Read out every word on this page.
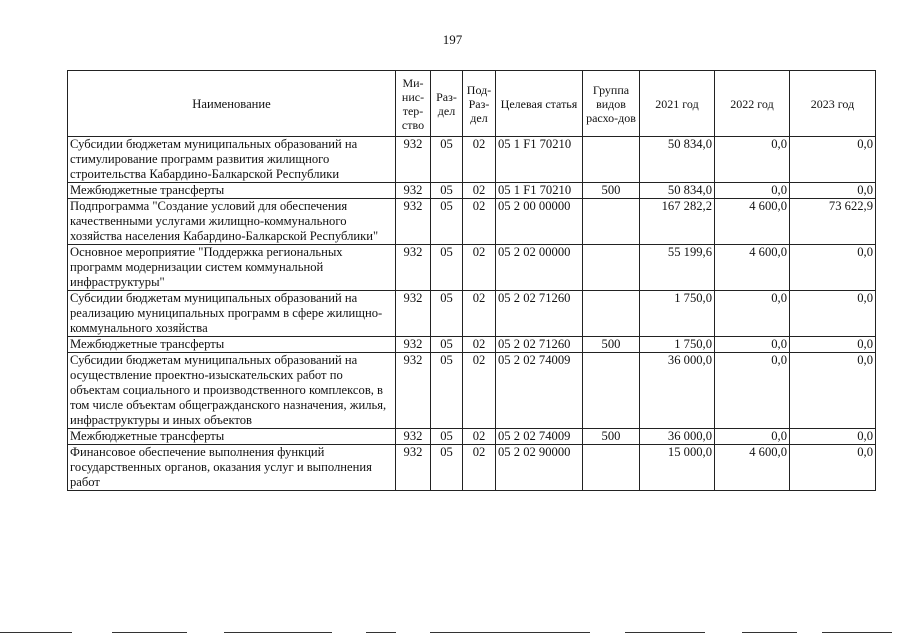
197
Наименование	Ми-нис-тер-ство	Раз-дел	Под-Раз-дел	Целевая статья	Группа видов расхо-дов	2021 год	2022 год	2023 год
Субсидии бюджетам муниципальных образований на стимулирование программ развития жилищного строительства Кабардино-Балкарской Республики	932	05	02	05 1 F1 70210		50 834,0	0,0	0,0
Межбюджетные трансферты	932	05	02	05 1 F1 70210	500	50 834,0	0,0	0,0
Подпрограмма "Создание условий для обеспечения качественными услугами жилищно-коммунального хозяйства населения Кабардино-Балкарской Республики"	932	05	02	05 2 00 00000		167 282,2	4 600,0	73 622,9
Основное мероприятие "Поддержка региональных программ модернизации систем коммунальной инфраструктуры"	932	05	02	05 2 02 00000		55 199,6	4 600,0	0,0
Субсидии бюджетам муниципальных образований на реализацию муниципальных программ в сфере жилищно-коммунального хозяйства	932	05	02	05 2 02 71260		1 750,0	0,0	0,0
Межбюджетные трансферты	932	05	02	05 2 02 71260	500	1 750,0	0,0	0,0
Субсидии бюджетам муниципальных образований на осуществление проектно-изыскательских работ по объектам социального и производственного комплексов, в том числе объектам общегражданского назначения, жилья, инфраструктуры и иных объектов	932	05	02	05 2 02 74009		36 000,0	0,0	0,0
Межбюджетные трансферты	932	05	02	05 2 02 74009	500	36 000,0	0,0	0,0
Финансовое обеспечение выполнения функций государственных органов, оказания услуг и выполнения работ	932	05	02	05 2 02 90000		15 000,0	4 600,0	0,0
